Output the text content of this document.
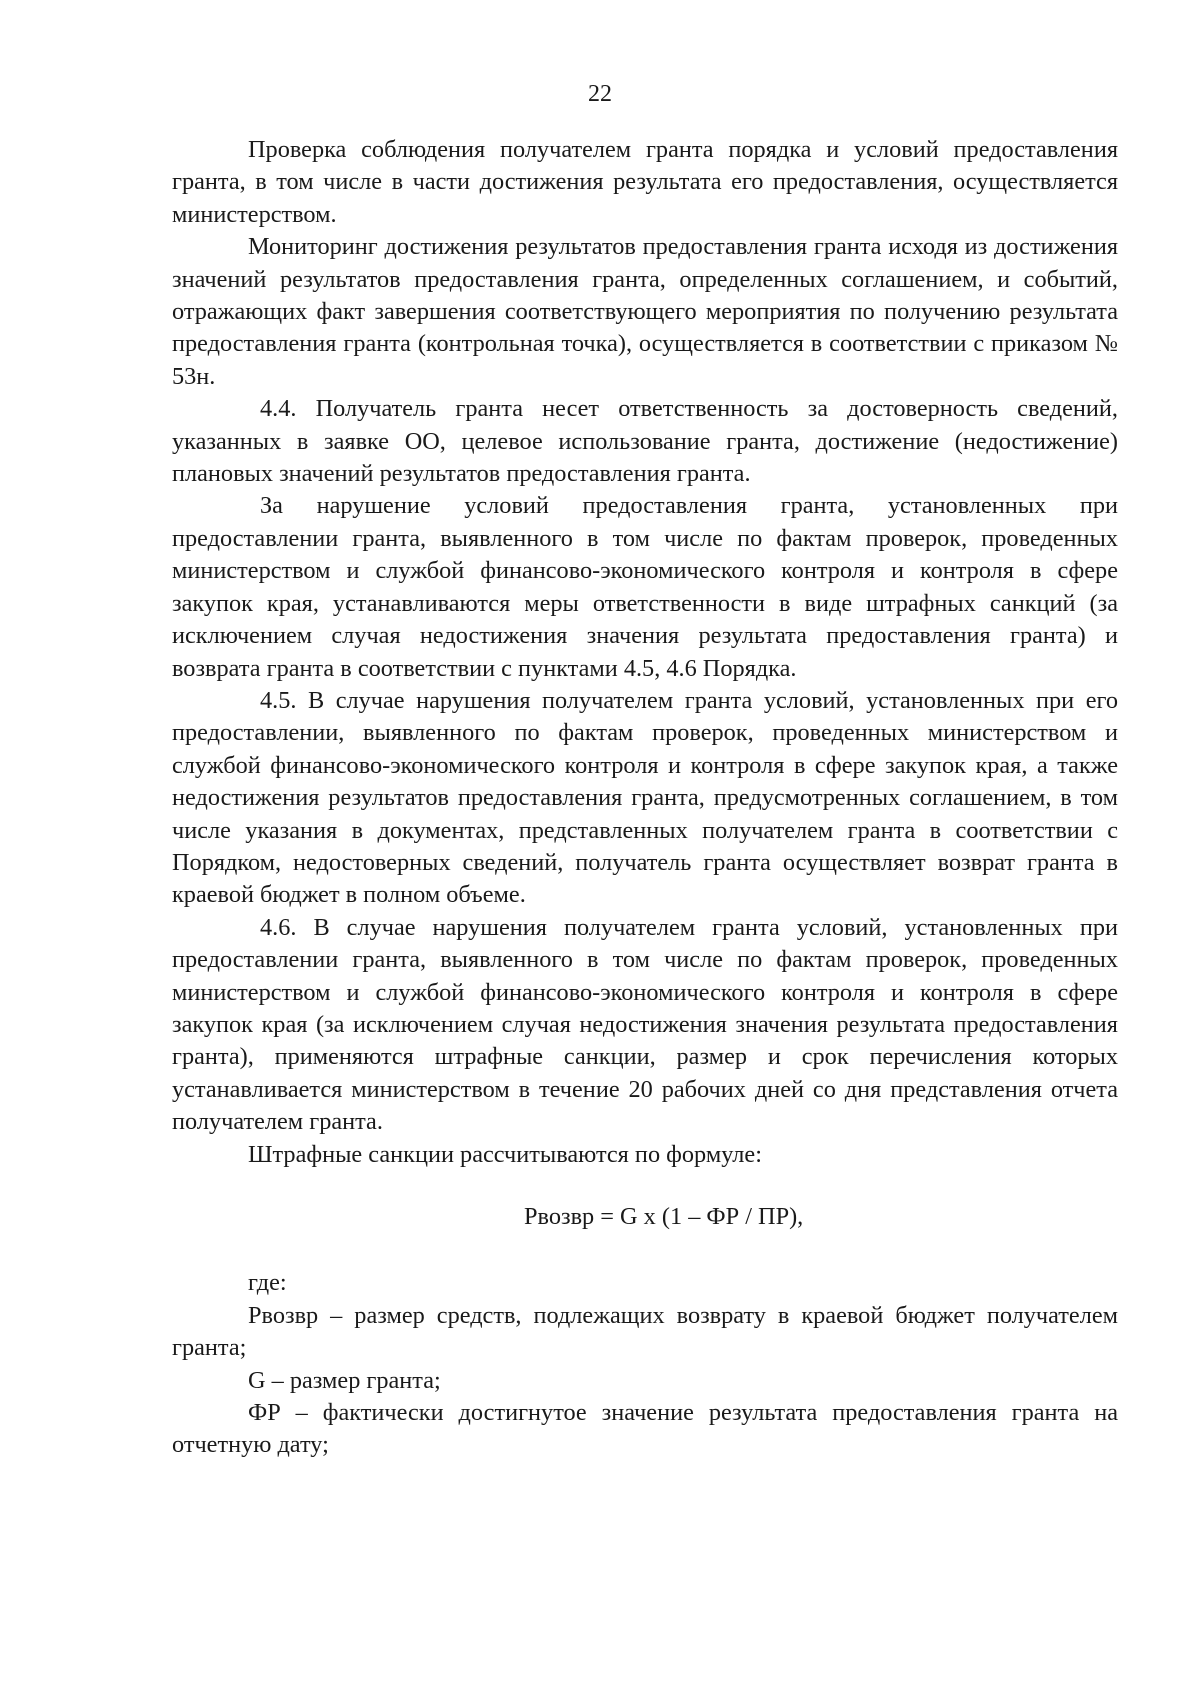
22

Проверка соблюдения получателем гранта порядка и условий предоставления гранта, в том числе в части достижения результата его предоставления, осуществляется министерством.

Мониторинг достижения результатов предоставления гранта исходя из достижения значений результатов предоставления гранта, определенных соглашением, и событий, отражающих факт завершения соответствующего мероприятия по получению результата предоставления гранта (контрольная точка), осуществляется в соответствии с приказом № 53н.

4.4. Получатель гранта несет ответственность за достоверность сведений, указанных в заявке ОО, целевое использование гранта, достижение (недостижение) плановых значений результатов предоставления гранта.

За нарушение условий предоставления гранта, установленных при предоставлении гранта, выявленного в том числе по фактам проверок, проведенных министерством и службой финансово-экономического контроля и контроля в сфере закупок края, устанавливаются меры ответственности в виде штрафных санкций (за исключением случая недостижения значения результата предоставления гранта) и возврата гранта в соответствии с пунктами 4.5, 4.6 Порядка.

4.5. В случае нарушения получателем гранта условий, установленных при его предоставлении, выявленного по фактам проверок, проведенных министерством и службой финансово-экономического контроля и контроля в сфере закупок края, а также недостижения результатов предоставления гранта, предусмотренных соглашением, в том числе указания в документах, представленных получателем гранта в соответствии с Порядком, недостоверных сведений, получатель гранта осуществляет возврат гранта в краевой бюджет в полном объеме.

4.6. В случае нарушения получателем гранта условий, установленных при предоставлении гранта, выявленного в том числе по фактам проверок, проведенных министерством и службой финансово-экономического контроля и контроля в сфере закупок края (за исключением случая недостижения значения результата предоставления гранта), применяются штрафные санкции, размер и срок перечисления которых устанавливается министерством в течение 20 рабочих дней со дня представления отчета получателем гранта.

Штрафные санкции рассчитываются по формуле:

Рвозвр = G x (1 – ФР / ПР),

где:

Рвозвр – размер средств, подлежащих возврату в краевой бюджет получателем гранта;

G – размер гранта;

ФР – фактически достигнутое значение результата предоставления гранта на отчетную дату;
